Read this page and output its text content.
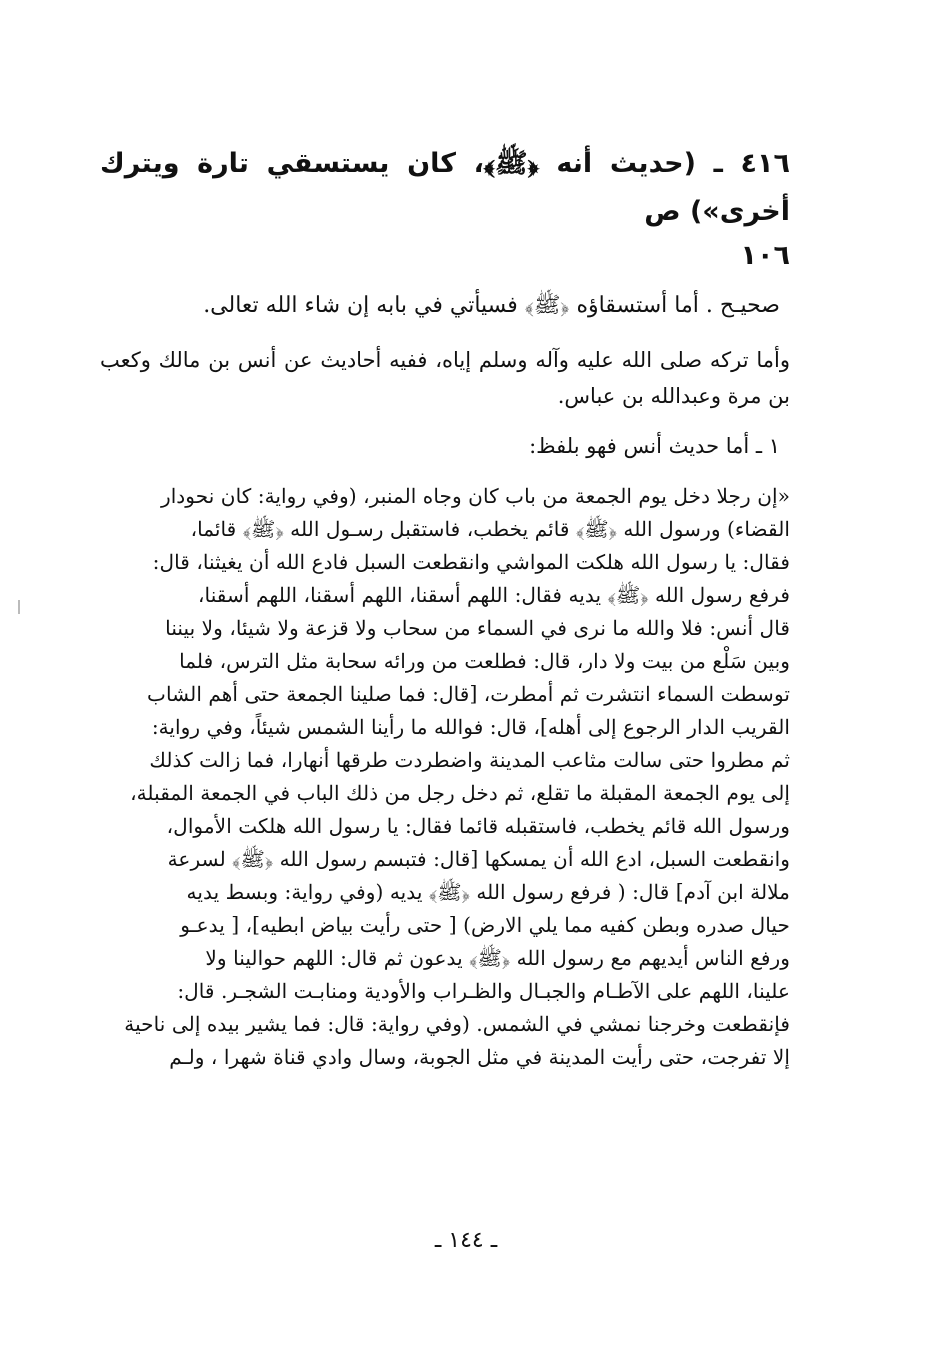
٤١٦ ـ (حديث أنه ﴿ﷺ﴾، كان يستسقي تارة ويترك أخرى») ص

١٠٦

صحيـح . أما أستسقاؤه ﴿ﷺ﴾ فسيأتي في بابه إن شاء الله تعالى.

وأما تركه صلى الله عليه وآله وسلم إياه، ففيه أحاديث عن أنس بن مالك وكعب بن مرة وعبدالله بن عباس.

١ ـ أما حديث أنس فهو بلفظ:

«إن رجلا دخل يوم الجمعة من باب كان وجاه المنبر، (وفي رواية: كان نحودار
القضاء) ورسول الله ﴿ﷺ﴾ قائم يخطب، فاستقبل رسـول الله ﴿ﷺ﴾ قائما،
فقال: يا رسول الله هلكت المواشي وانقطعت السبل فادع الله أن يغيثنا، قال:
فرفع رسول الله ﴿ﷺ﴾ يديه فقال: اللهم أسقنا، اللهم أسقنا، اللهم أسقنا،
قال أنس: فلا والله ما نرى في السماء من سحاب ولا قزعة ولا شيئا، ولا بيننا
وبين سَلْع من بيت ولا دار، قال: فطلعت من ورائه سحابة مثل الترس، فلما
توسطت السماء انتشرت ثم أمطرت، [قال: فما صلينا الجمعة حتى أهم الشاب
القريب الدار الرجوع إلى أهله]، قال: فوالله ما رأينا الشمس شيئاً، وفي رواية:
ثم مطروا حتى سالت مثاعب المدينة واضطردت طرقها أنهارا، فما زالت كذلك
إلى يوم الجمعة المقبلة ما تقلع، ثم دخل رجل من ذلك الباب في الجمعة المقبلة،
ورسول الله قائم يخطب، فاستقبله قائما فقال: يا رسول الله هلكت الأموال،
وانقطعت السبل، ادع الله أن يمسكها [قال: فتبسم رسول الله ﴿ﷺ﴾ لسرعة
ملالة ابن آدم] قال: ( فرفع رسول الله ﴿ﷺ﴾ يديه (وفي رواية: وبسط يديه
حيال صدره وبطن كفيه مما يلي الارض) [ حتى رأيت بياض ابطيه]، [ يدعـو
ورفع الناس أيديهم مع رسول الله ﴿ﷺ﴾ يدعون ثم قال: اللهم حوالينا ولا
علينا، اللهم على الآطـام والجبـال والظـراب والأودية ومنابـت الشجـر. قال:
فإنقطعت وخرجنا نمشي في الشمس. (وفي رواية: قال: فما يشير بيده إلى ناحية
إلا تفرجت، حتى رأيت المدينة في مثل الجوبة، وسال وادي قناة شهرا ، ولـم
ـ ١٤٤ ـ
